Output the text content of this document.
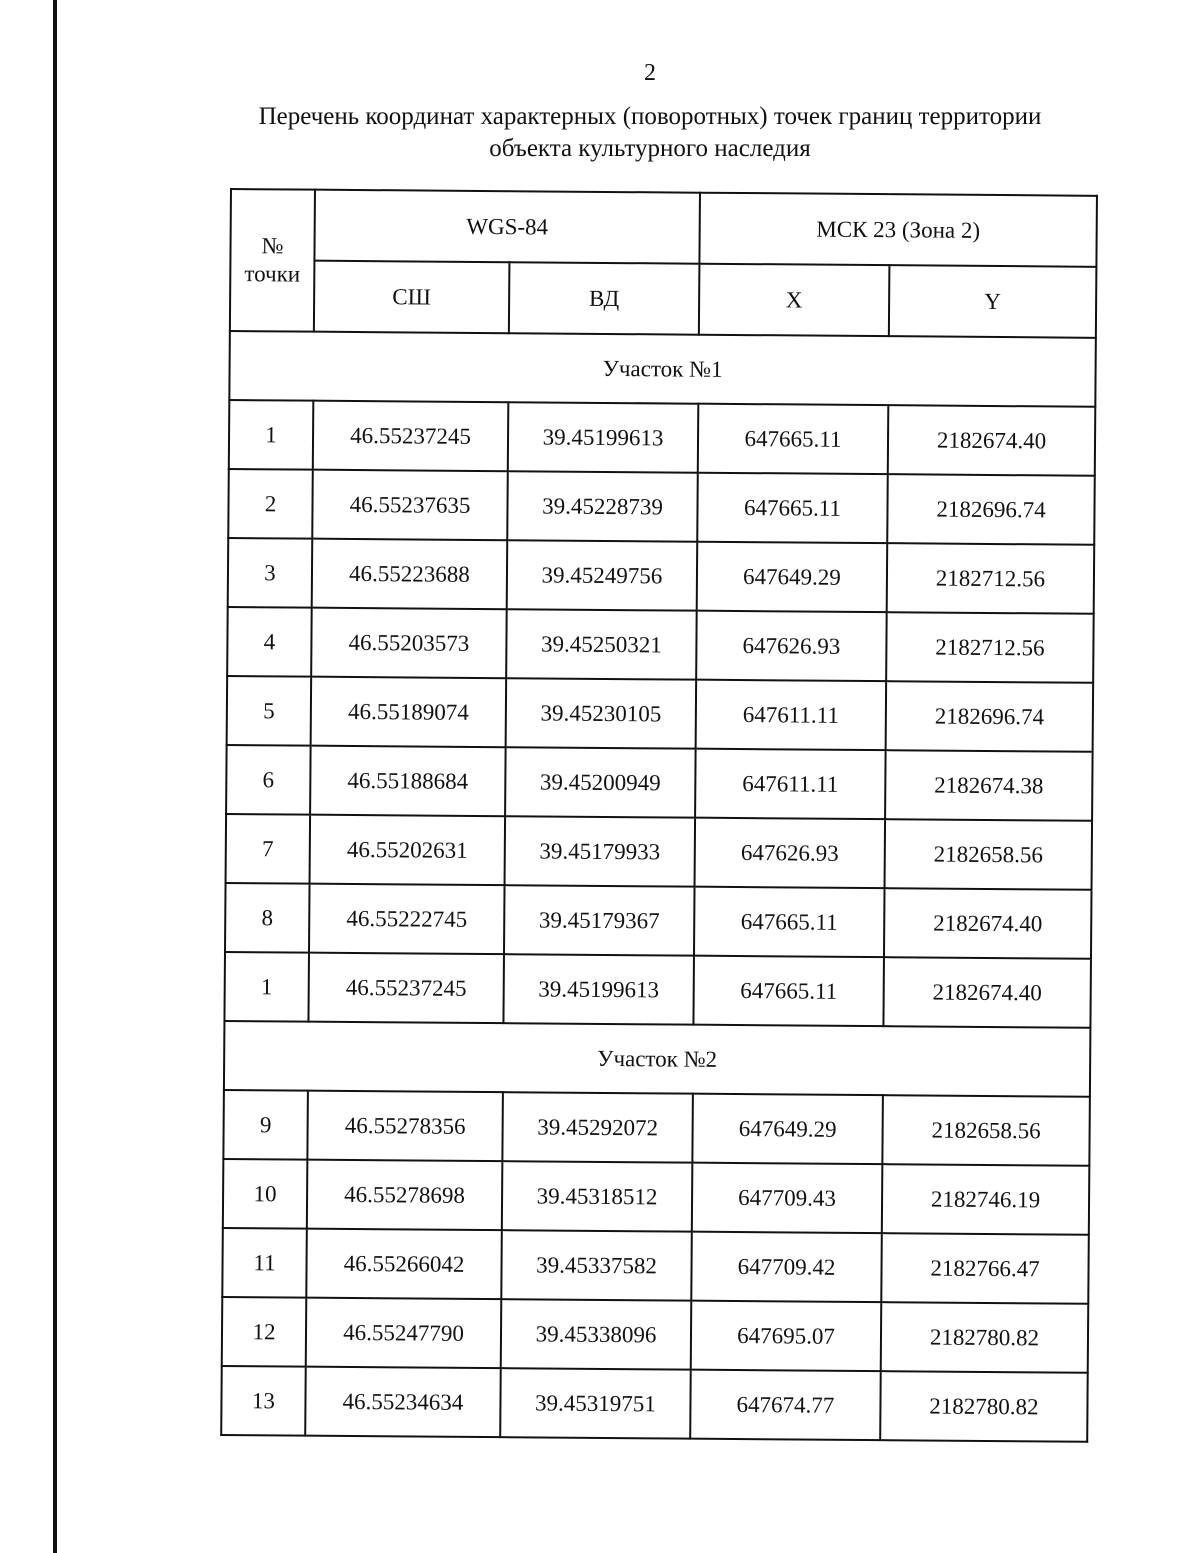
2
Перечень координат характерных (поворотных) точек границ территории
объекта культурного наследия
№
точки	WGS-84		МСК 23 (Зона 2)	
	СШ	ВД	X	Y
Участок №1				
1	46.55237245	39.45199613	647665.11	2182674.40
2	46.55237635	39.45228739	647665.11	2182696.74
3	46.55223688	39.45249756	647649.29	2182712.56
4	46.55203573	39.45250321	647626.93	2182712.56
5	46.55189074	39.45230105	647611.11	2182696.74
6	46.55188684	39.45200949	647611.11	2182674.38
7	46.55202631	39.45179933	647626.93	2182658.56
8	46.55222745	39.45179367	647665.11	2182674.40
1	46.55237245	39.45199613	647665.11	2182674.40
Участок №2				
9	46.55278356	39.45292072	647649.29	2182658.56
10	46.55278698	39.45318512	647709.43	2182746.19
11	46.55266042	39.45337582	647709.42	2182766.47
12	46.55247790	39.45338096	647695.07	2182780.82
13	46.55234634	39.45319751	647674.77	2182780.82
